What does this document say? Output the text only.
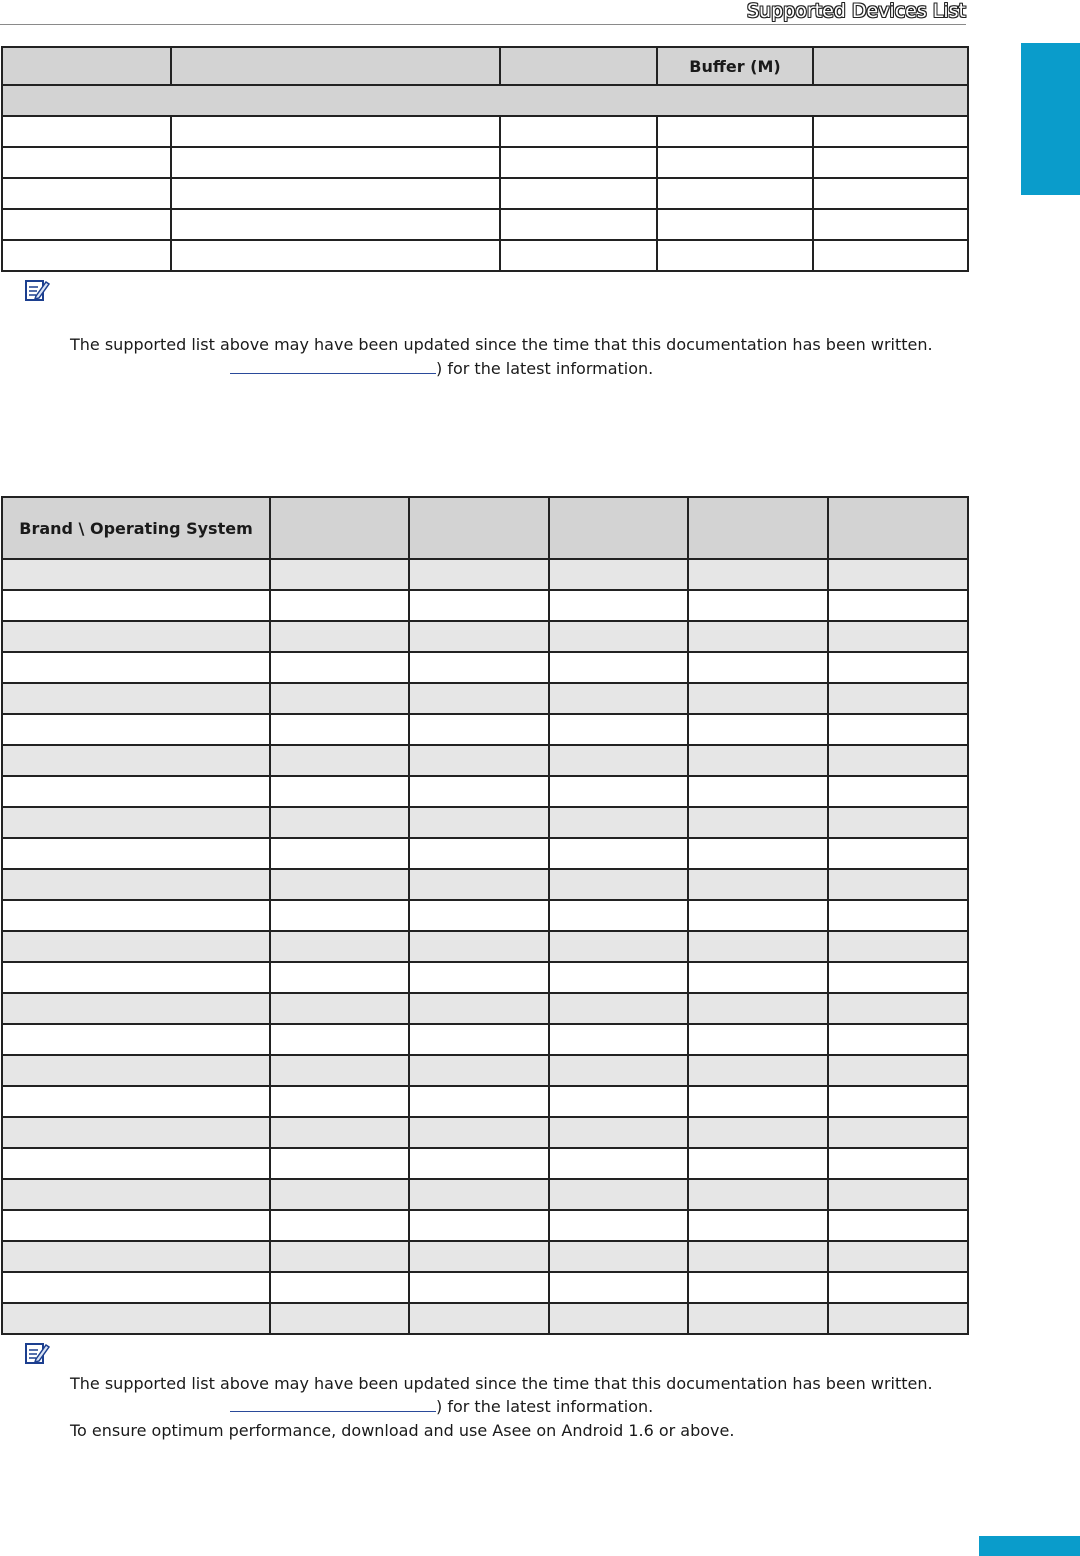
Supported Devices List
			Buffer (M)	

The supported list above may have been updated since the time that this documentation has been written.
) for the latest information.
Brand \ Operating System					

The supported list above may have been updated since the time that this documentation has been written.
) for the latest information.
To ensure optimum performance, download and use Asee on Android 1.6 or above.
